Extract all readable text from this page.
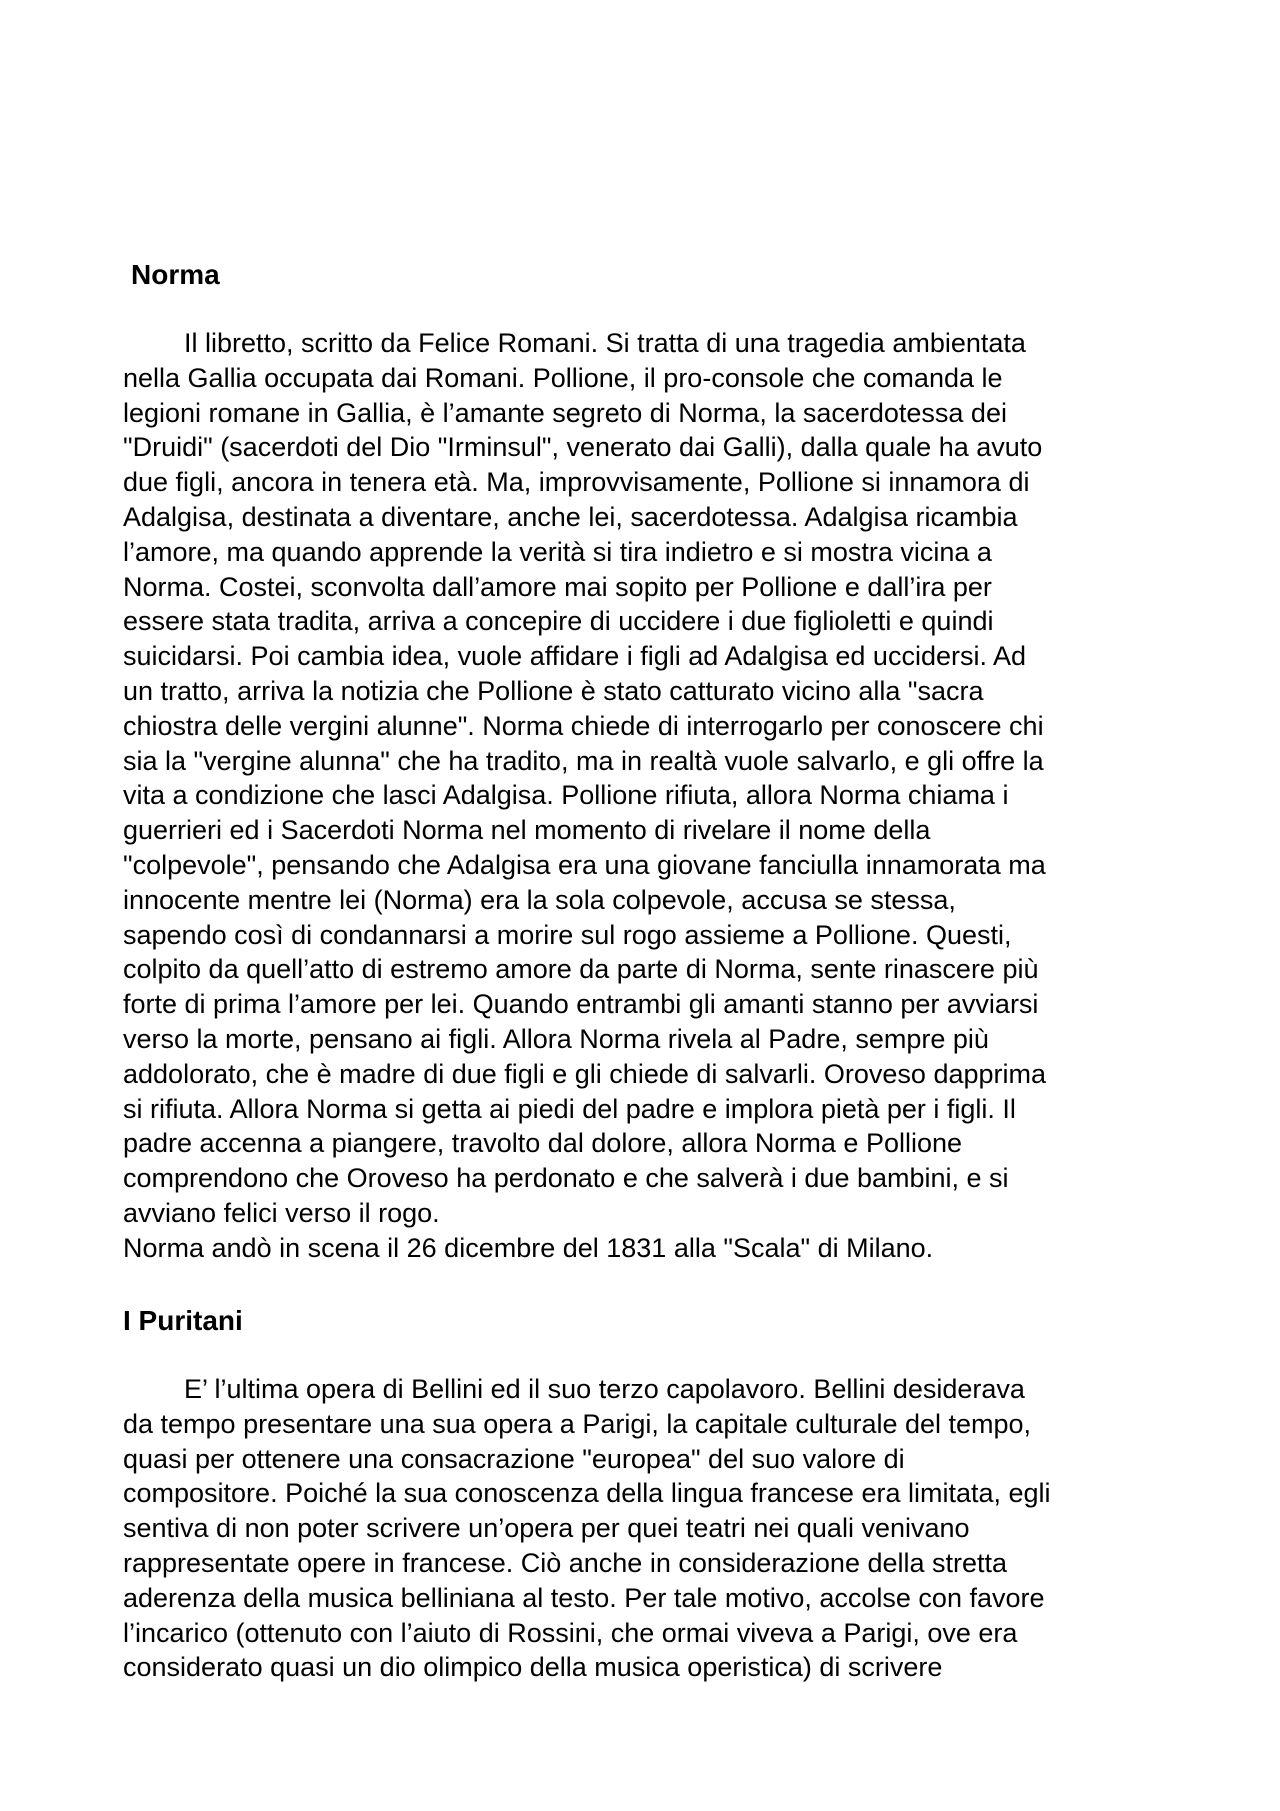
Norma
Il libretto, scritto da Felice Romani. Si tratta di una tragedia ambientata
nella Gallia occupata dai Romani. Pollione, il pro-console che comanda le
legioni romane in Gallia, è l’amante segreto di Norma, la sacerdotessa dei
"Druidi" (sacerdoti del Dio "Irminsul", venerato dai Galli), dalla quale ha avuto
due figli, ancora in tenera età. Ma, improvvisamente, Pollione si innamora di
Adalgisa, destinata a diventare, anche lei, sacerdotessa. Adalgisa ricambia
l’amore, ma quando apprende la verità si tira indietro e si mostra vicina a
Norma. Costei, sconvolta dall’amore mai sopito per Pollione e dall’ira per
essere stata tradita, arriva a concepire di uccidere i due figlioletti e quindi
suicidarsi. Poi cambia idea, vuole affidare i figli ad Adalgisa ed uccidersi. Ad
un tratto, arriva la notizia che Pollione è stato catturato vicino alla "sacra
chiostra delle vergini alunne". Norma chiede di interrogarlo per conoscere chi
sia la "vergine alunna" che ha tradito, ma in realtà vuole salvarlo, e gli offre la
vita a condizione che lasci Adalgisa. Pollione rifiuta, allora Norma chiama i
guerrieri ed i Sacerdoti Norma nel momento di rivelare il nome della
"colpevole", pensando che Adalgisa era una giovane fanciulla innamorata ma
innocente mentre lei (Norma) era la sola colpevole, accusa se stessa,
sapendo così di condannarsi a morire sul rogo assieme a Pollione. Questi,
colpito da quell’atto di estremo amore da parte di Norma, sente rinascere più
forte di prima l’amore per lei. Quando entrambi gli amanti stanno per avviarsi
verso la morte, pensano ai figli. Allora Norma rivela al Padre, sempre più
addolorato, che è madre di due figli e gli chiede di salvarli. Oroveso dapprima
si rifiuta. Allora Norma si getta ai piedi del padre e implora pietà per i figli. Il
padre accenna a piangere, travolto dal dolore, allora Norma e Pollione
comprendono che Oroveso ha perdonato e che salverà i due bambini, e si
avviano felici verso il rogo.
Norma andò in scena il 26 dicembre del 1831 alla "Scala" di Milano.
I Puritani
E’ l’ultima opera di Bellini ed il suo terzo capolavoro. Bellini desiderava
da tempo presentare una sua opera a Parigi, la capitale culturale del tempo,
quasi per ottenere una consacrazione "europea" del suo valore di
compositore. Poiché la sua conoscenza della lingua francese era limitata, egli
sentiva di non poter scrivere un’opera per quei teatri nei quali venivano
rappresentate opere in francese. Ciò anche in considerazione della stretta
aderenza della musica belliniana al testo. Per tale motivo, accolse con favore
l’incarico (ottenuto con l’aiuto di Rossini, che ormai viveva a Parigi, ove era
considerato quasi un dio olimpico della musica operistica) di scrivere
